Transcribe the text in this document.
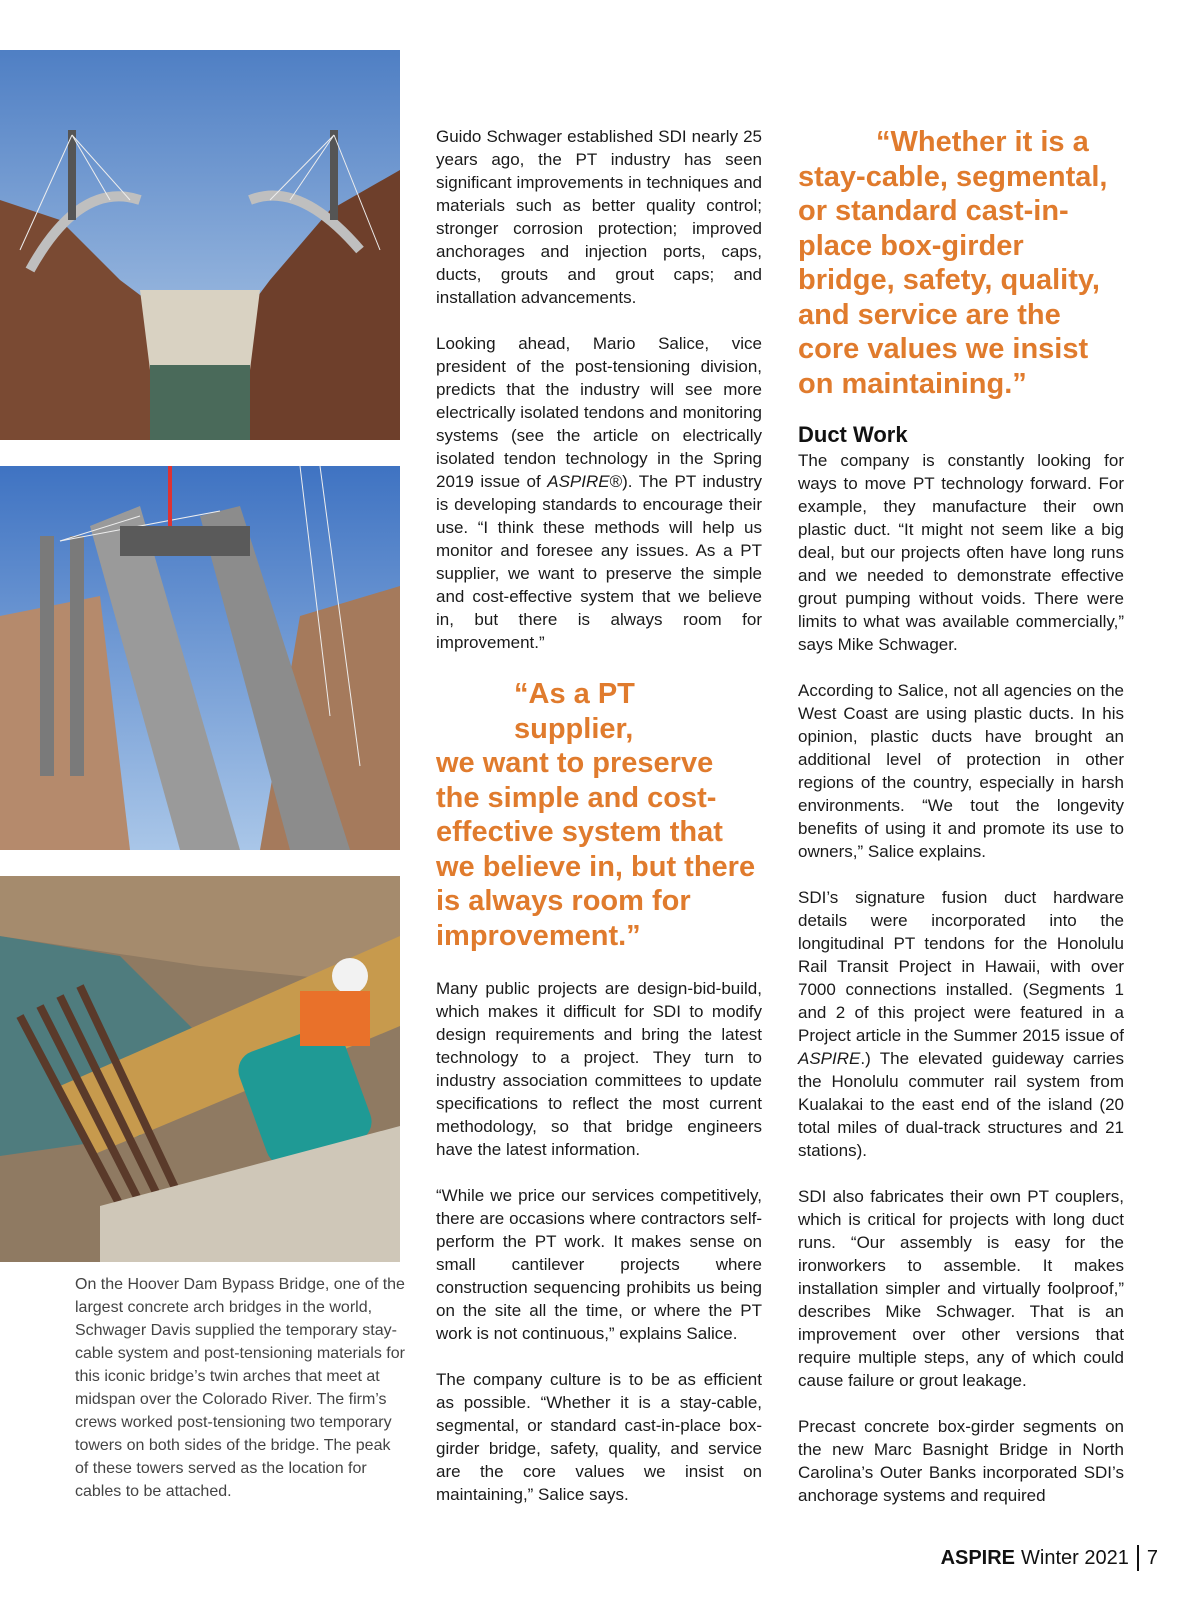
On the Hoover Dam Bypass Bridge, one of the largest concrete arch bridges in the world, Schwager Davis supplied the temporary stay-cable system and post-tensioning materials for this iconic bridge’s twin arches that meet at midspan over the Colorado River. The firm’s crews worked post-tensioning two temporary towers on both sides of the bridge. The peak of these towers served as the location for cables to be attached.

Guido Schwager established SDI nearly 25 years ago, the PT industry has seen significant improvements in techniques and materials such as better quality control; stronger corrosion protection; improved anchorages and injection ports, caps, ducts, grouts and grout caps; and installation advancements.

Looking ahead, Mario Salice, vice president of the post-tensioning division, predicts that the industry will see more electrically isolated tendons and monitoring systems (see the article on electrically isolated tendon technology in the Spring 2019 issue of ASPIRE®). The PT industry is developing standards to encourage their use. “I think these methods will help us monitor and foresee any issues. As a PT supplier, we want to preserve the simple and cost-effective system that we believe in, but there is always room for improvement.”

“As a PT supplier,
we want to preserve the simple and cost-effective system that we believe in, but there is always room for improvement.”

Many public projects are design-bid-build, which makes it difficult for SDI to modify design requirements and bring the latest technology to a project. They turn to industry association committees to update specifications to reflect the most current methodology, so that bridge engineers have the latest information.

“While we price our services competitively, there are occasions where contractors self-perform the PT work. It makes sense on small cantilever projects where construction sequencing prohibits us being on the site all the time, or where the PT work is not continuous,” explains Salice.

The company culture is to be as efficient as possible. “Whether it is a stay-cable, segmental, or standard cast-in-place box-girder bridge, safety, quality, and service are the core values we insist on maintaining,” Salice says.

“Whether it is a
stay-cable, segmental, or standard cast-in-place box-girder bridge, safety, quality, and service are the core values we insist on maintaining.”
Duct Work

The company is constantly looking for ways to move PT technology forward. For example, they manufacture their own plastic duct. “It might not seem like a big deal, but our projects often have long runs and we needed to demonstrate effective grout pumping without voids. There were limits to what was available commercially,” says Mike Schwager.

According to Salice, not all agencies on the West Coast are using plastic ducts. In his opinion, plastic ducts have brought an additional level of protection in other regions of the country, especially in harsh environments. “We tout the longevity benefits of using it and promote its use to owners,” Salice explains.

SDI’s signature fusion duct hardware details were incorporated into the longitudinal PT tendons for the Honolulu Rail Transit Project in Hawaii, with over 7000 connections installed. (Segments 1 and 2 of this project were featured in a Project article in the Summer 2015 issue of ASPIRE.) The elevated guideway carries the Honolulu commuter rail system from Kualakai to the east end of the island (20 total miles of dual-track structures and 21 stations).

SDI also fabricates their own PT couplers, which is critical for projects with long duct runs. “Our assembly is easy for the ironworkers to assemble. It makes installation simpler and virtually foolproof,” describes Mike Schwager. That is an improvement over other versions that require multiple steps, any of which could cause failure or grout leakage.

Precast concrete box-girder segments on the new Marc Basnight Bridge in North Carolina’s Outer Banks incorporated SDI’s anchorage systems and required

ASPIRE Winter 2021 7
